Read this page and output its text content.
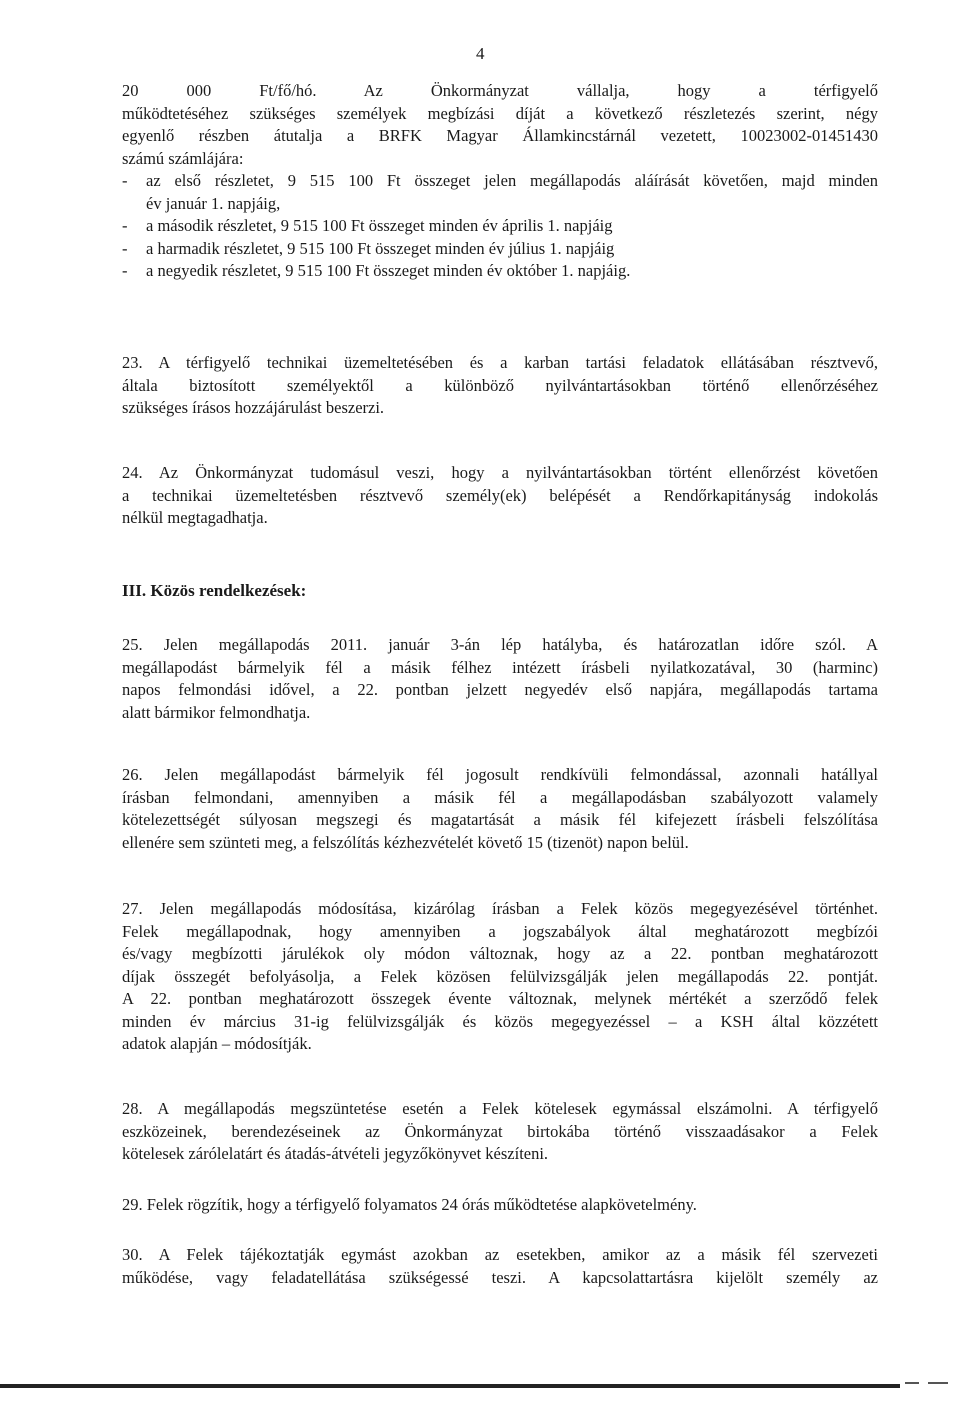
4
20 000 Ft/fő/hó. Az Önkormányzat vállalja, hogy a térfigyelő
működtetéséhez szükséges személyek megbízási díját a következő részletezés szerint, négy
egyenlő részben átutalja a BRFK Magyar Államkincstárnál vezetett, 10023002-01451430
számú számlájára:
- az első részletet, 9 515 100 Ft összeget jelen megállapodás aláírását követően, majd minden
év január 1. napjáig,
- a második részletet, 9 515 100 Ft összeget minden év április 1. napjáig
- a harmadik részletet, 9 515 100 Ft összeget minden év július 1. napjáig
- a negyedik részletet, 9 515 100 Ft összeget minden év október 1. napjáig.
23. A térfigyelő technikai üzemeltetésében és a karban tartási feladatok ellátásában résztvevő,
általa biztosított személyektől a különböző nyilvántartásokban történő ellenőrzéséhez
szükséges írásos hozzájárulást beszerzi.
24. Az Önkormányzat tudomásul veszi, hogy a nyilvántartásokban történt ellenőrzést követően
a technikai üzemeltetésben résztvevő személy(ek) belépését a Rendőrkapitányság indokolás
nélkül megtagadhatja.
III. Közös rendelkezések:
25. Jelen megállapodás 2011. január 3-án lép hatályba, és határozatlan időre szól. A
megállapodást bármelyik fél a másik félhez intézett írásbeli nyilatkozatával, 30 (harminc)
napos felmondási idővel, a 22. pontban jelzett negyedév első napjára, megállapodás tartama
alatt bármikor felmondhatja.
26. Jelen megállapodást bármelyik fél jogosult rendkívüli felmondással, azonnali hatállyal
írásban felmondani, amennyiben a másik fél a megállapodásban szabályozott valamely
kötelezettségét súlyosan megszegi és magatartását a másik fél kifejezett írásbeli felszólítása
ellenére sem szünteti meg, a felszólítás kézhezvételét követő 15 (tizenöt) napon belül.
27. Jelen megállapodás módosítása, kizárólag írásban a Felek közös megegyezésével történhet.
Felek megállapodnak, hogy amennyiben a jogszabályok által meghatározott megbízói
és/vagy megbízotti járulékok oly módon változnak, hogy az a 22. pontban meghatározott
díjak összegét befolyásolja, a Felek közösen felülvizsgálják jelen megállapodás 22. pontját.
A 22. pontban meghatározott összegek évente változnak, melynek mértékét a szerződő felek
minden év március 31-ig felülvizsgálják és közös megegyezéssel – a KSH által közzétett
adatok alapján – módosítják.
28. A megállapodás megszüntetése esetén a Felek kötelesek egymással elszámolni. A térfigyelő
eszközeinek, berendezéseinek az Önkormányzat birtokába történő visszaadásakor a Felek
kötelesek zárólelatárt és átadás-átvételi jegyzőkönyvet készíteni.
29. Felek rögzítik, hogy a térfigyelő folyamatos 24 órás működtetése alapkövetelmény.
30. A Felek tájékoztatják egymást azokban az esetekben, amikor az a másik fél szervezeti
működése, vagy feladatellátása szükségessé teszi. A kapcsolattartásra kijelölt személy az
